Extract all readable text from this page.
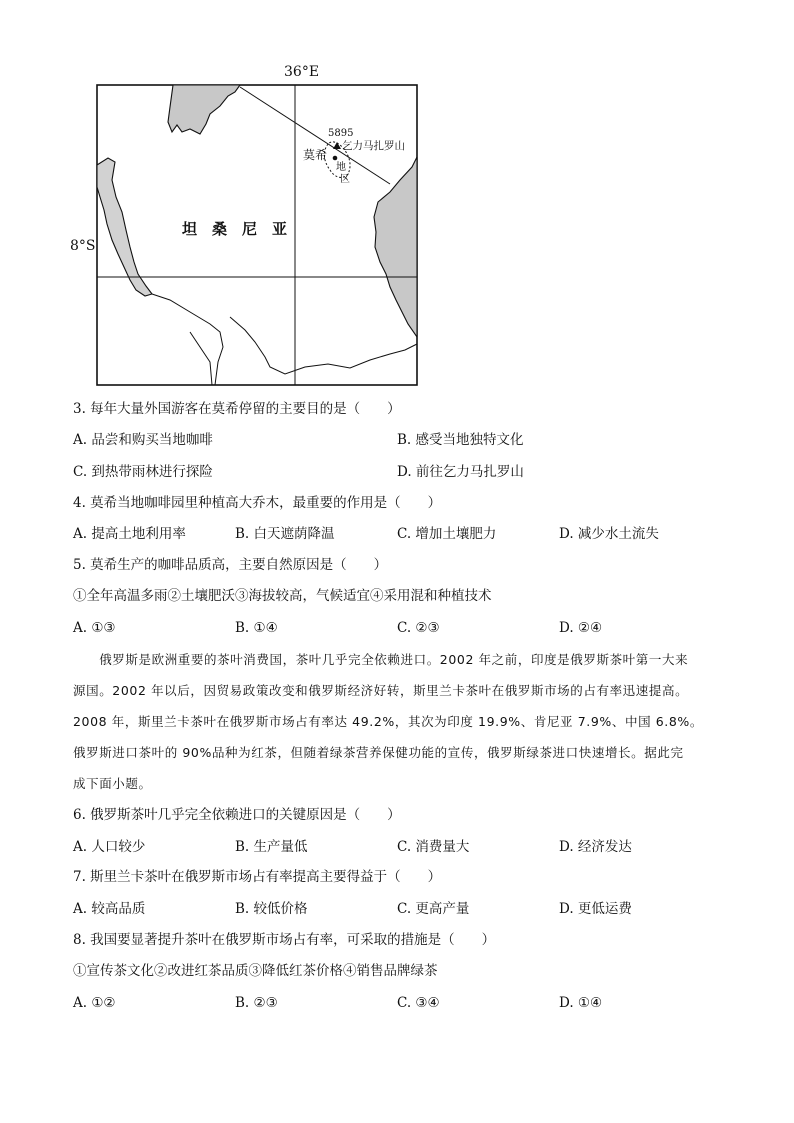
36°E
8°S
坦　桑　尼　亚
5895
乞力马扎罗山
莫希
地
区
3. 每年大量外国游客在莫希停留的主要目的是（　　）
A. 品尝和购买当地咖啡	B. 感受当地独特文化
C. 到热带雨林进行探险	D. 前往乞力马扎罗山
4. 莫希当地咖啡园里种植高大乔木，最重要的作用是（　　）
A. 提高土地利用率	B. 白天遮荫降温	C. 增加土壤肥力	D. 减少水土流失
5. 莫希生产的咖啡品质高，主要自然原因是（　　）
①全年高温多雨②土壤肥沃③海拔较高，气候适宜④采用混和种植技术
A. ①③	B. ①④	C. ②③	D. ②④
　　俄罗斯是欧洲重要的茶叶消费国，茶叶几乎完全依赖进口。2002 年之前，印度是俄罗斯茶叶第一大来
源国。2002 年以后，因贸易政策改变和俄罗斯经济好转，斯里兰卡茶叶在俄罗斯市场的占有率迅速提高。
2008 年，斯里兰卡茶叶在俄罗斯市场占有率达 49.2%，其次为印度 19.9%、肯尼亚 7.9%、中国 6.8%。
俄罗斯进口茶叶的 90%品种为红茶，但随着绿茶营养保健功能的宣传，俄罗斯绿茶进口快速增长。据此完
成下面小题。
6. 俄罗斯茶叶几乎完全依赖进口的关键原因是（　　）
A. 人口较少	B. 生产量低	C. 消费量大	D. 经济发达
7. 斯里兰卡茶叶在俄罗斯市场占有率提高主要得益于（　　）
A. 较高品质	B. 较低价格	C. 更高产量	D. 更低运费
8. 我国要显著提升茶叶在俄罗斯市场占有率，可采取的措施是（　　）
①宣传茶文化②改进红茶品质③降低红茶价格④销售品牌绿茶
A. ①②	B. ②③	C. ③④	D. ①④
